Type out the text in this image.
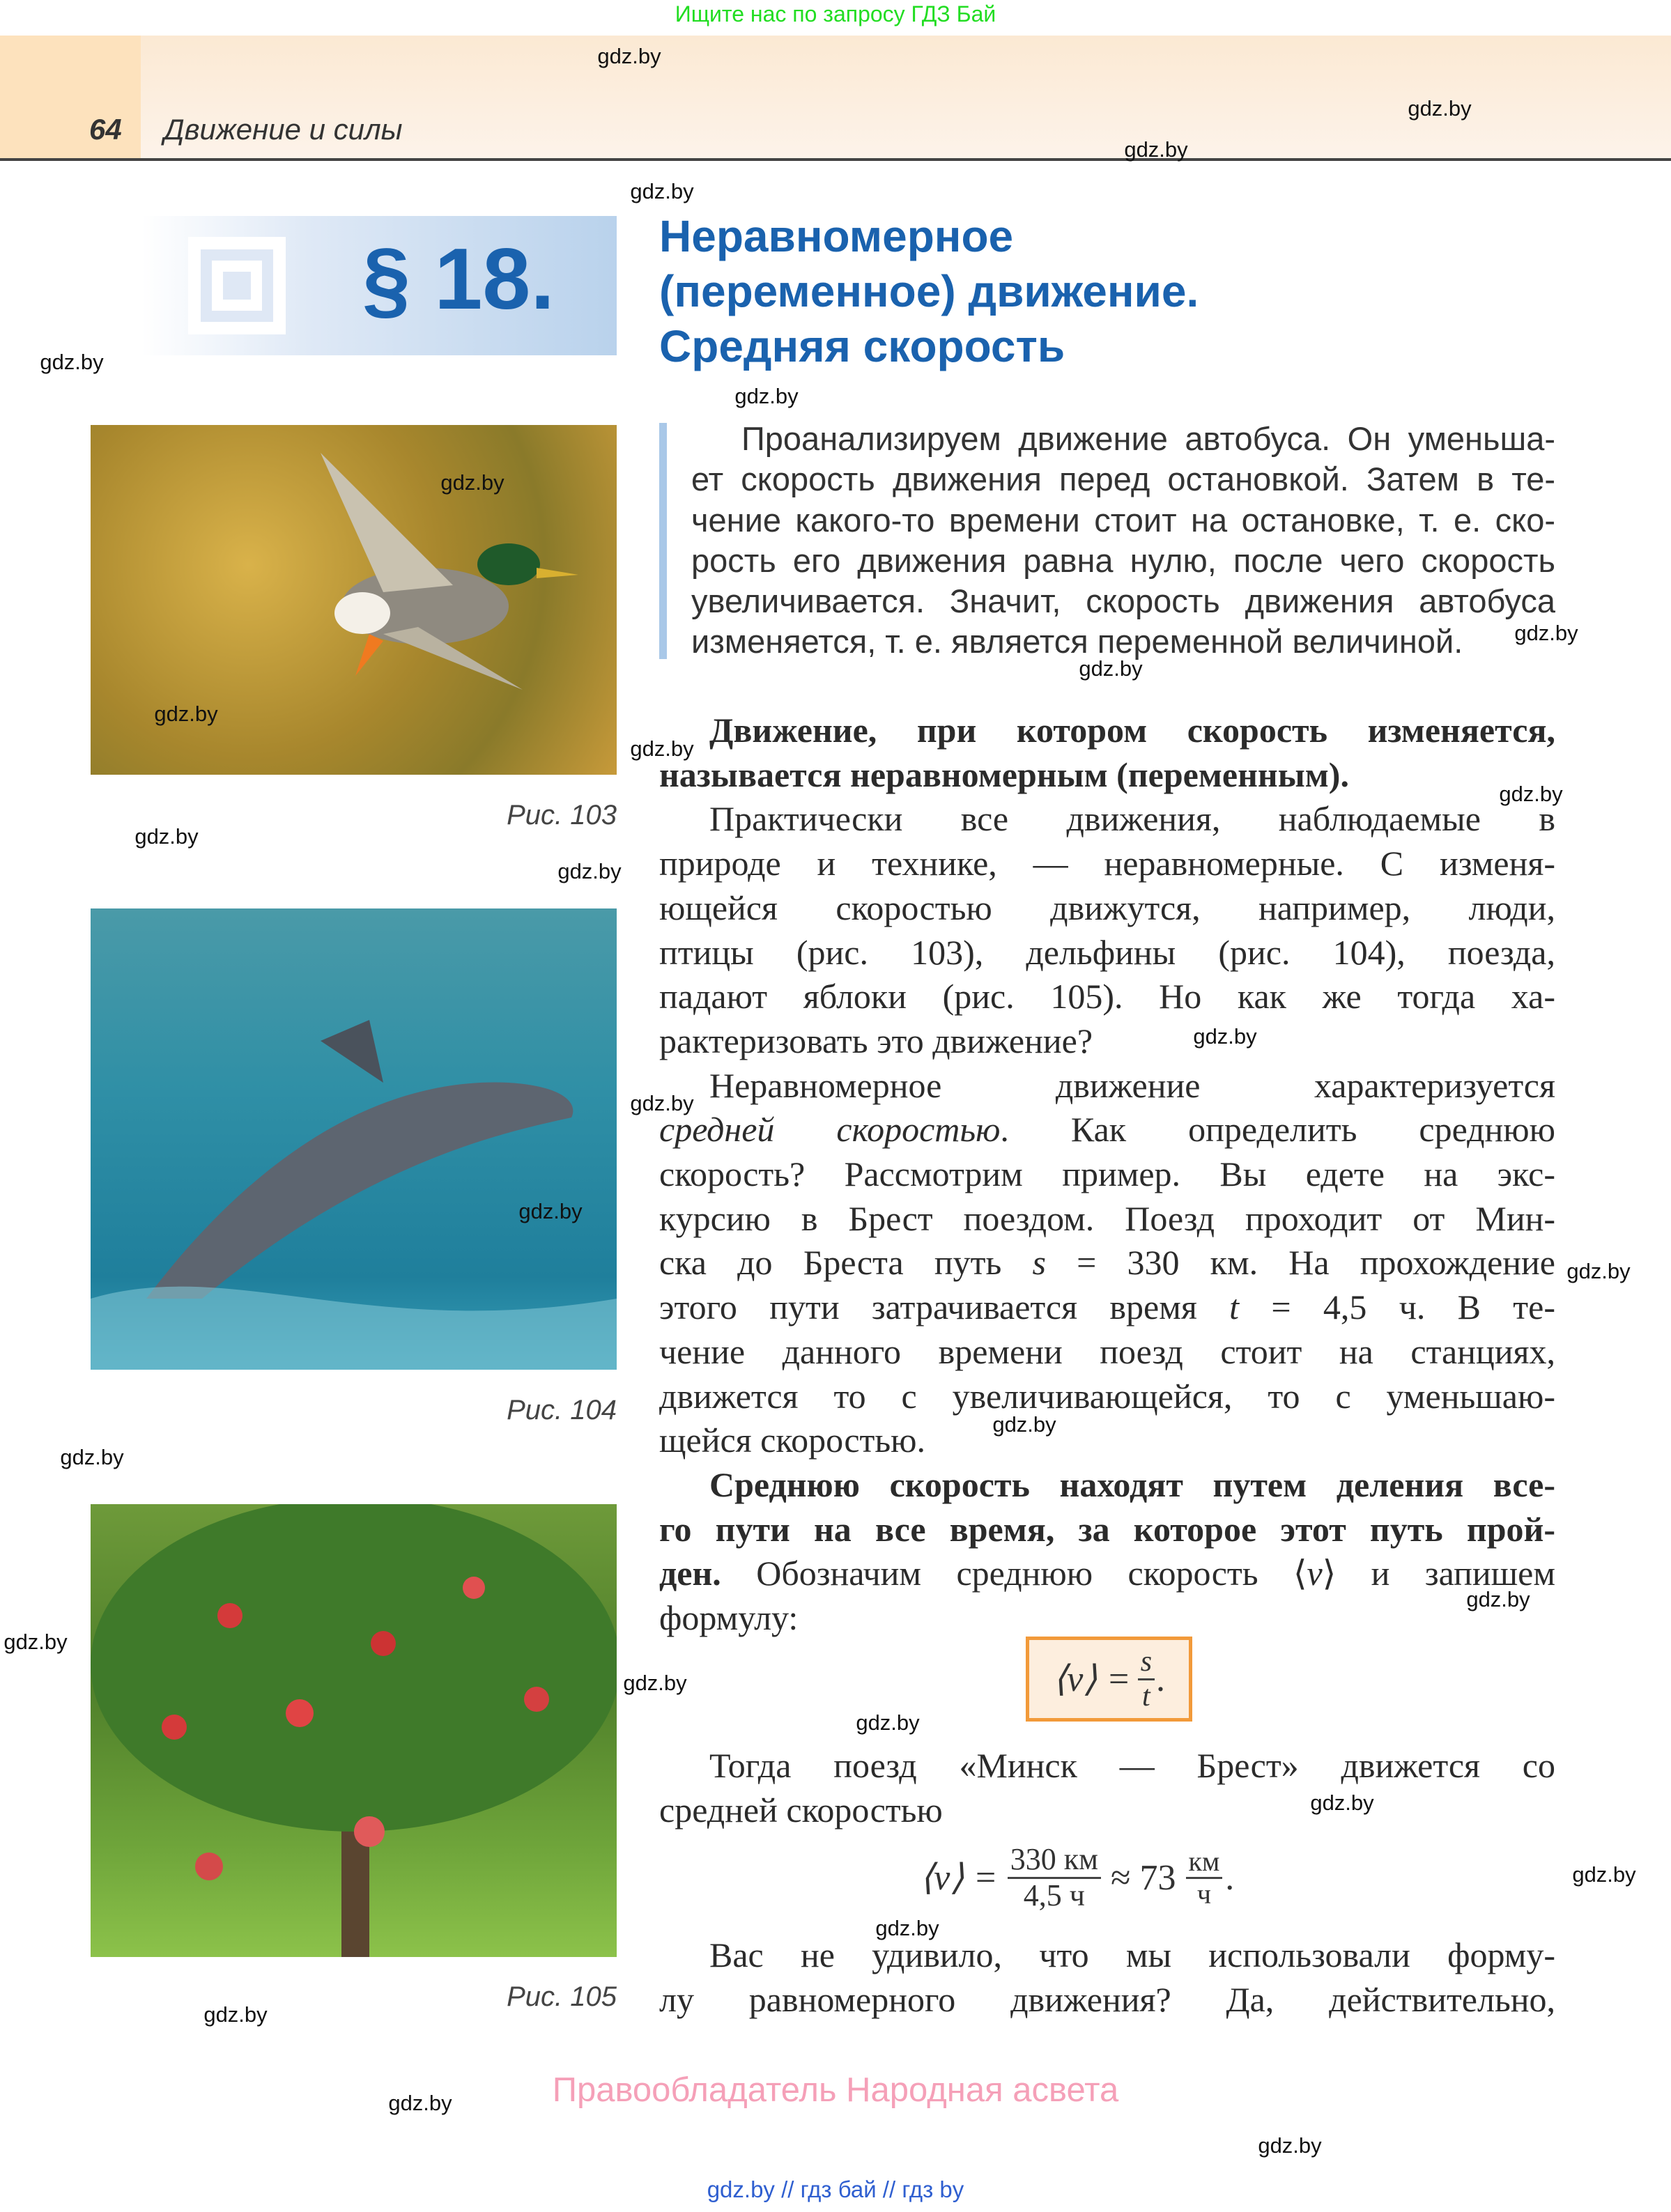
Ищите нас по запросу ГДЗ Бай
64 Движение и силы
§ 18. Неравномерное
(переменное) движение.
Средняя скорость
Проанализируем движение автобуса. Он уменьша-
ет скорость движения перед остановкой. Затем в те-
чение какого-то времени стоит на остановке, т. е. ско-
рость его движения равна нулю, после чего скорость
увеличивается. Значит, скорость движения автобуса
изменяется, т. е. является переменной величиной.
Движение, при котором скорость изменяется,
называется неравномерным (переменным).
Практически все движения, наблюдаемые в
природе и технике, — неравномерные. С изменя-
ющейся скоростью движутся, например, люди,
птицы (рис. 103), дельфины (рис. 104), поезда,
падают яблоки (рис. 105). Но как же тогда ха-
рактеризовать это движение?
Неравномерное движение характеризуется
средней скоростью. Как определить среднюю
скорость? Рассмотрим пример. Вы едете на экс-
курсию в Брест поездом. Поезд проходит от Мин-
ска до Бреста путь s = 330 км. На прохождение
этого пути затрачивается время t = 4,5 ч. В те-
чение данного времени поезд стоит на станциях,
движется то с увеличивающейся, то с уменьшаю-
щейся скоростью.
Среднюю скорость находят путем деления все-
го пути на все время, за которое этот путь прой-
ден. Обозначим среднюю скорость ⟨v⟩ и запишем
формулу:
⟨v⟩ = $\frac{s}{t}$ .
Тогда поезд «Минск — Брест» движется со
средней скоростью
⟨v⟩ = $\frac{330 км}{4,5 ч} \approx 73 \frac{км}{ч}$ .
Вас не удивило, что мы использовали форму-
лу равномерного движения? Да, действительно,
Рис. 103
Рис. 104
Рис. 105
Правообладатель Народная асвета
gdz.by // гдз бай // гдз by
gdz.by
gdz.by
gdz.by
gdz.by
gdz.by
gdz.by
gdz.by
gdz.by
gdz.by
gdz.by
gdz.by
gdz.by
gdz.by
gdz.by
gdz.by
gdz.by
gdz.by
gdz.by
gdz.by
gdz.by
gdz.by
gdz.by
gdz.by
gdz.by
gdz.by
gdz.by
gdz.by
gdz.by
gdz.by
gdz.by
